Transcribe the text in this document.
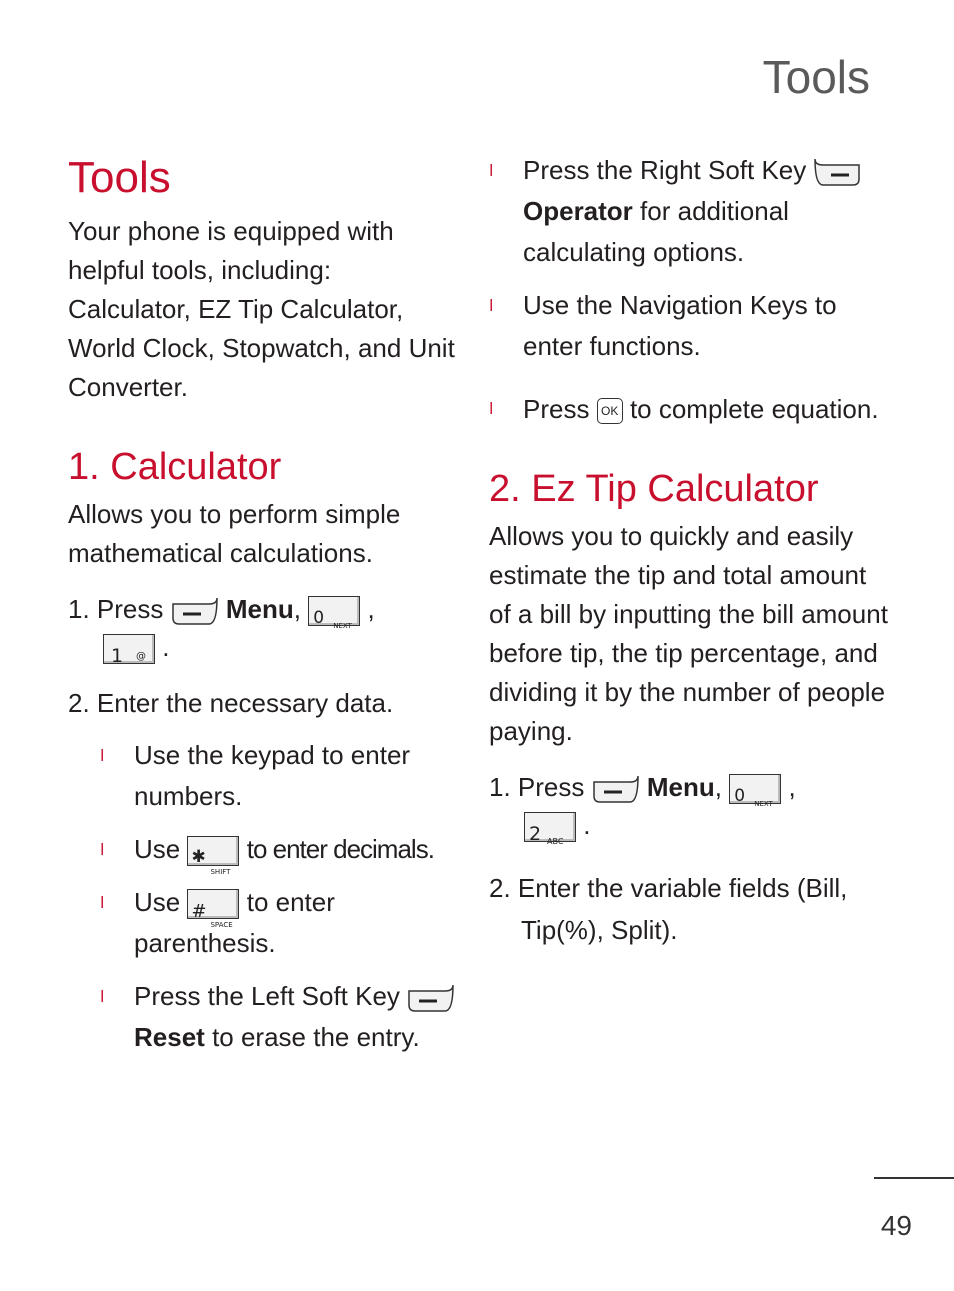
Tools
Tools

Your phone is equipped with helpful tools, including: Calculator, EZ Tip Calculator, World Clock, Stopwatch, and Unit Converter.

1. Calculator

Allows you to perform simple mathematical calculations.

1. Press Menu, 0 NEXT
,
1 @ .

2. Enter the necessary data.

l Use the keypad to enter numbers.

l Use ✱
SHIFT
to enter decimals.

l Use #
SPACE
to enter parenthesis.

l Press the Left Soft Key  Reset to erase the entry.

l Press the Right Soft Key  Operator for additional calculating options.

l Use the Navigation Keys to enter functions.

l Press OK to complete equation.

2. Ez Tip Calculator

Allows you to quickly and easily estimate the tip and total amount of a bill by inputting the bill amount before tip, the tip percentage, and dividing it by the number of people paying.

1. Press Menu, 0 NEXT
,
2 ABC
.

2. Enter the variable fields (Bill, Tip(%), Split).

49
